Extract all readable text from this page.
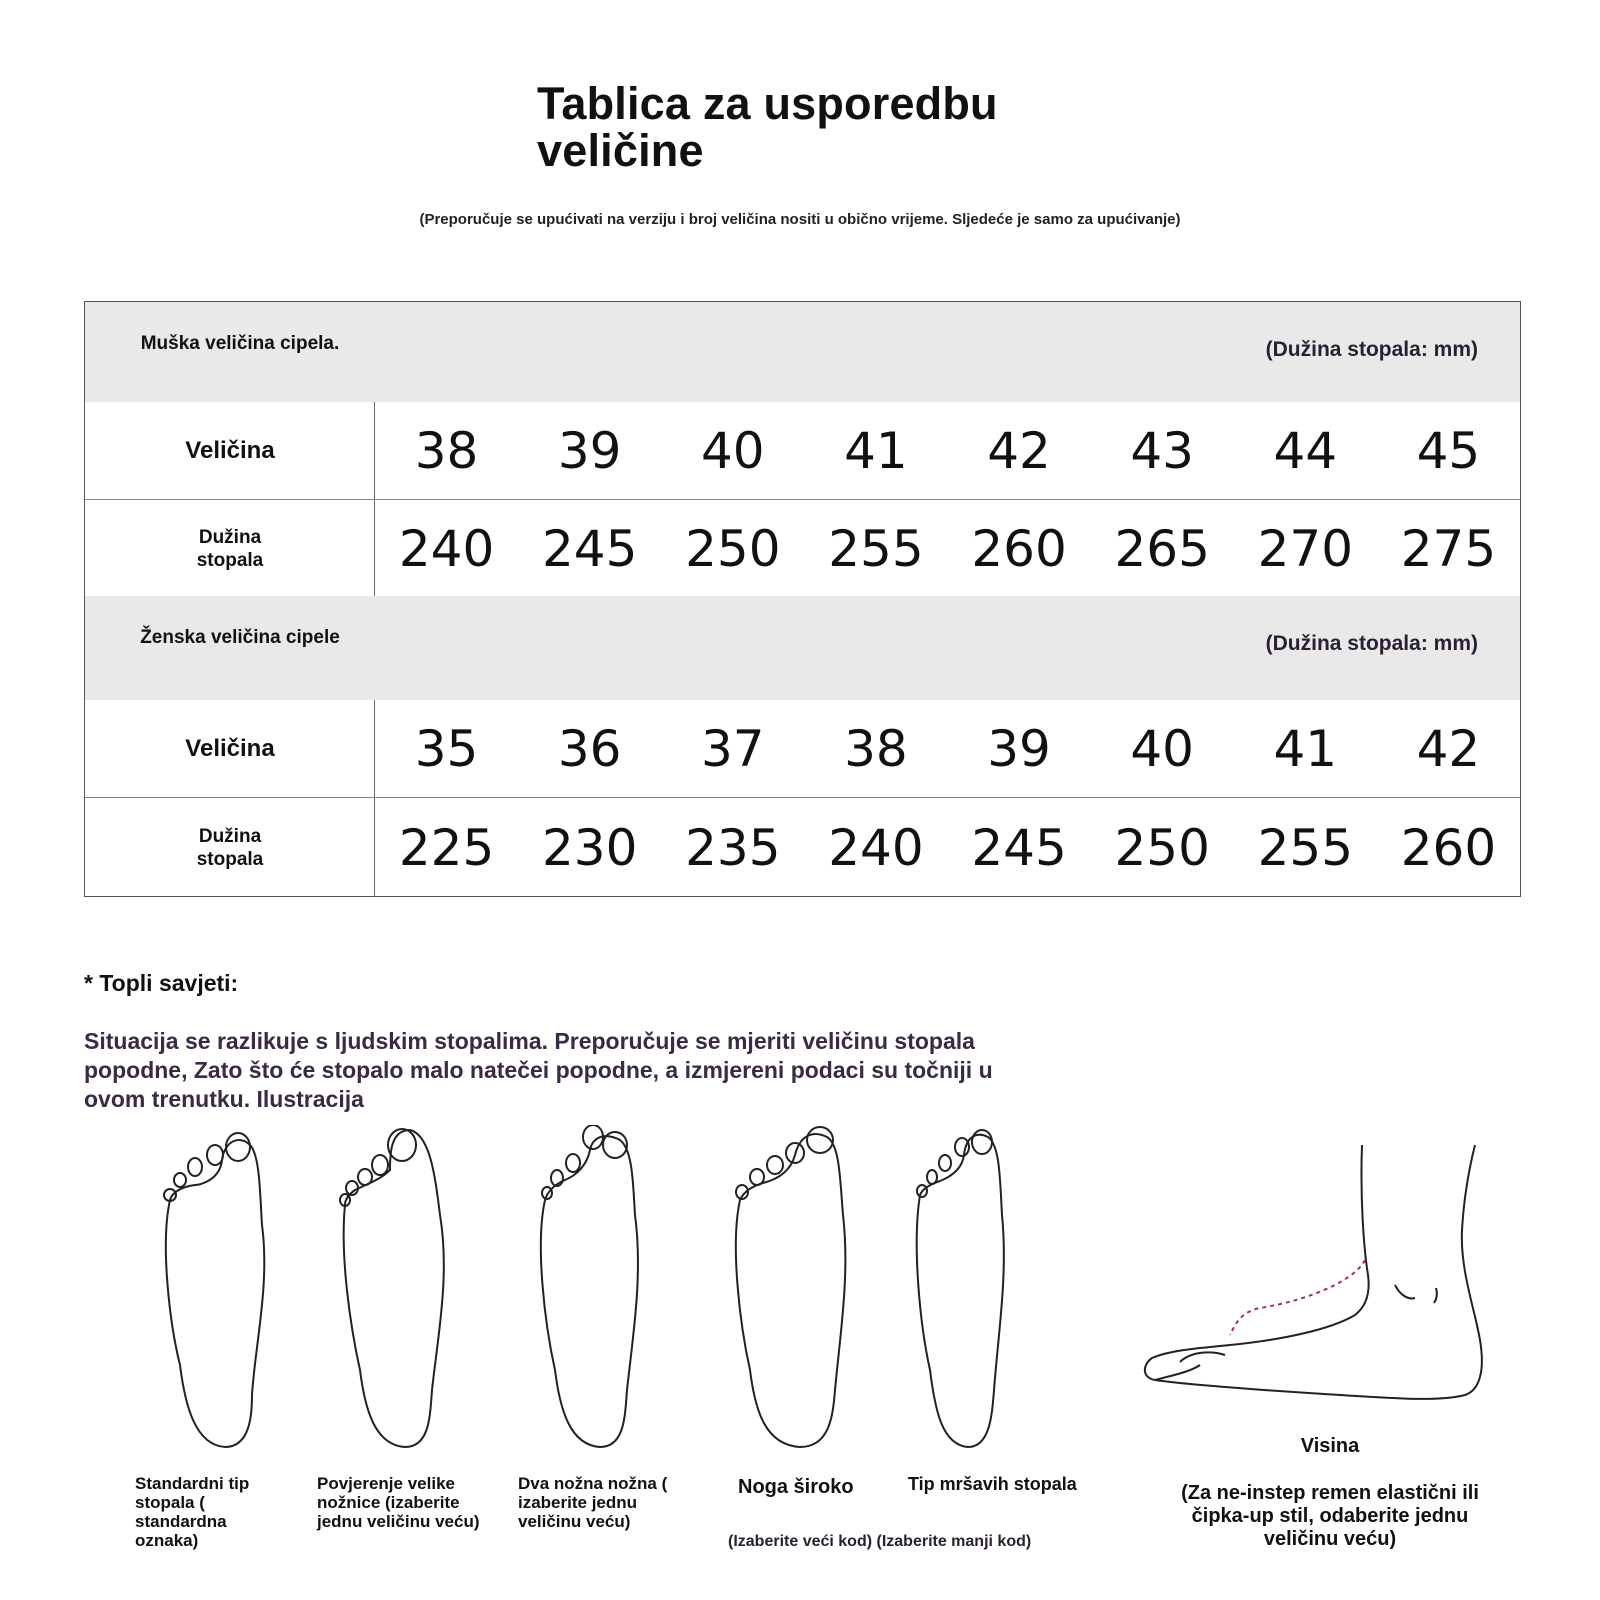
Tablica za usporedbu veličine
(Preporučuje se upućivati na verziju i broj veličina nositi u obično vrijeme. Sljedeće je samo za upućivanje)
Muška veličina cipela.	(Dužina stopala: mm)
Veličina	38	39	40	41	42	43	44	45
Dužina stopala	240 245 250 255 260 265 270 275
Ženska veličina cipele	(Dužina stopala: mm)
Veličina	35	36	37	38	39	40	41	42
Dužina stopala	225 230 235 240 245 250 255 260
* Topli savjeti:
Situacija se razlikuje s ljudskim stopalima. Preporučuje se mjeriti veličinu stopala popodne, Zato što će stopalo malo natečei popodne, a izmjereni podaci su točniji u ovom trenutku. Ilustracija
Standardni tip stopala ( standardna oznaka)
Povjerenje velike nožnice (izaberite jednu veličinu veću)
Dva nožna nožna ( izaberite jednu veličinu veću)
Noga široko	Tip mršavih stopala
(Izaberite veći kod) (Izaberite manji kod)
Visina
(Za ne-instep remen elastični ili čipka-up stil, odaberite jednu veličinu veću)
